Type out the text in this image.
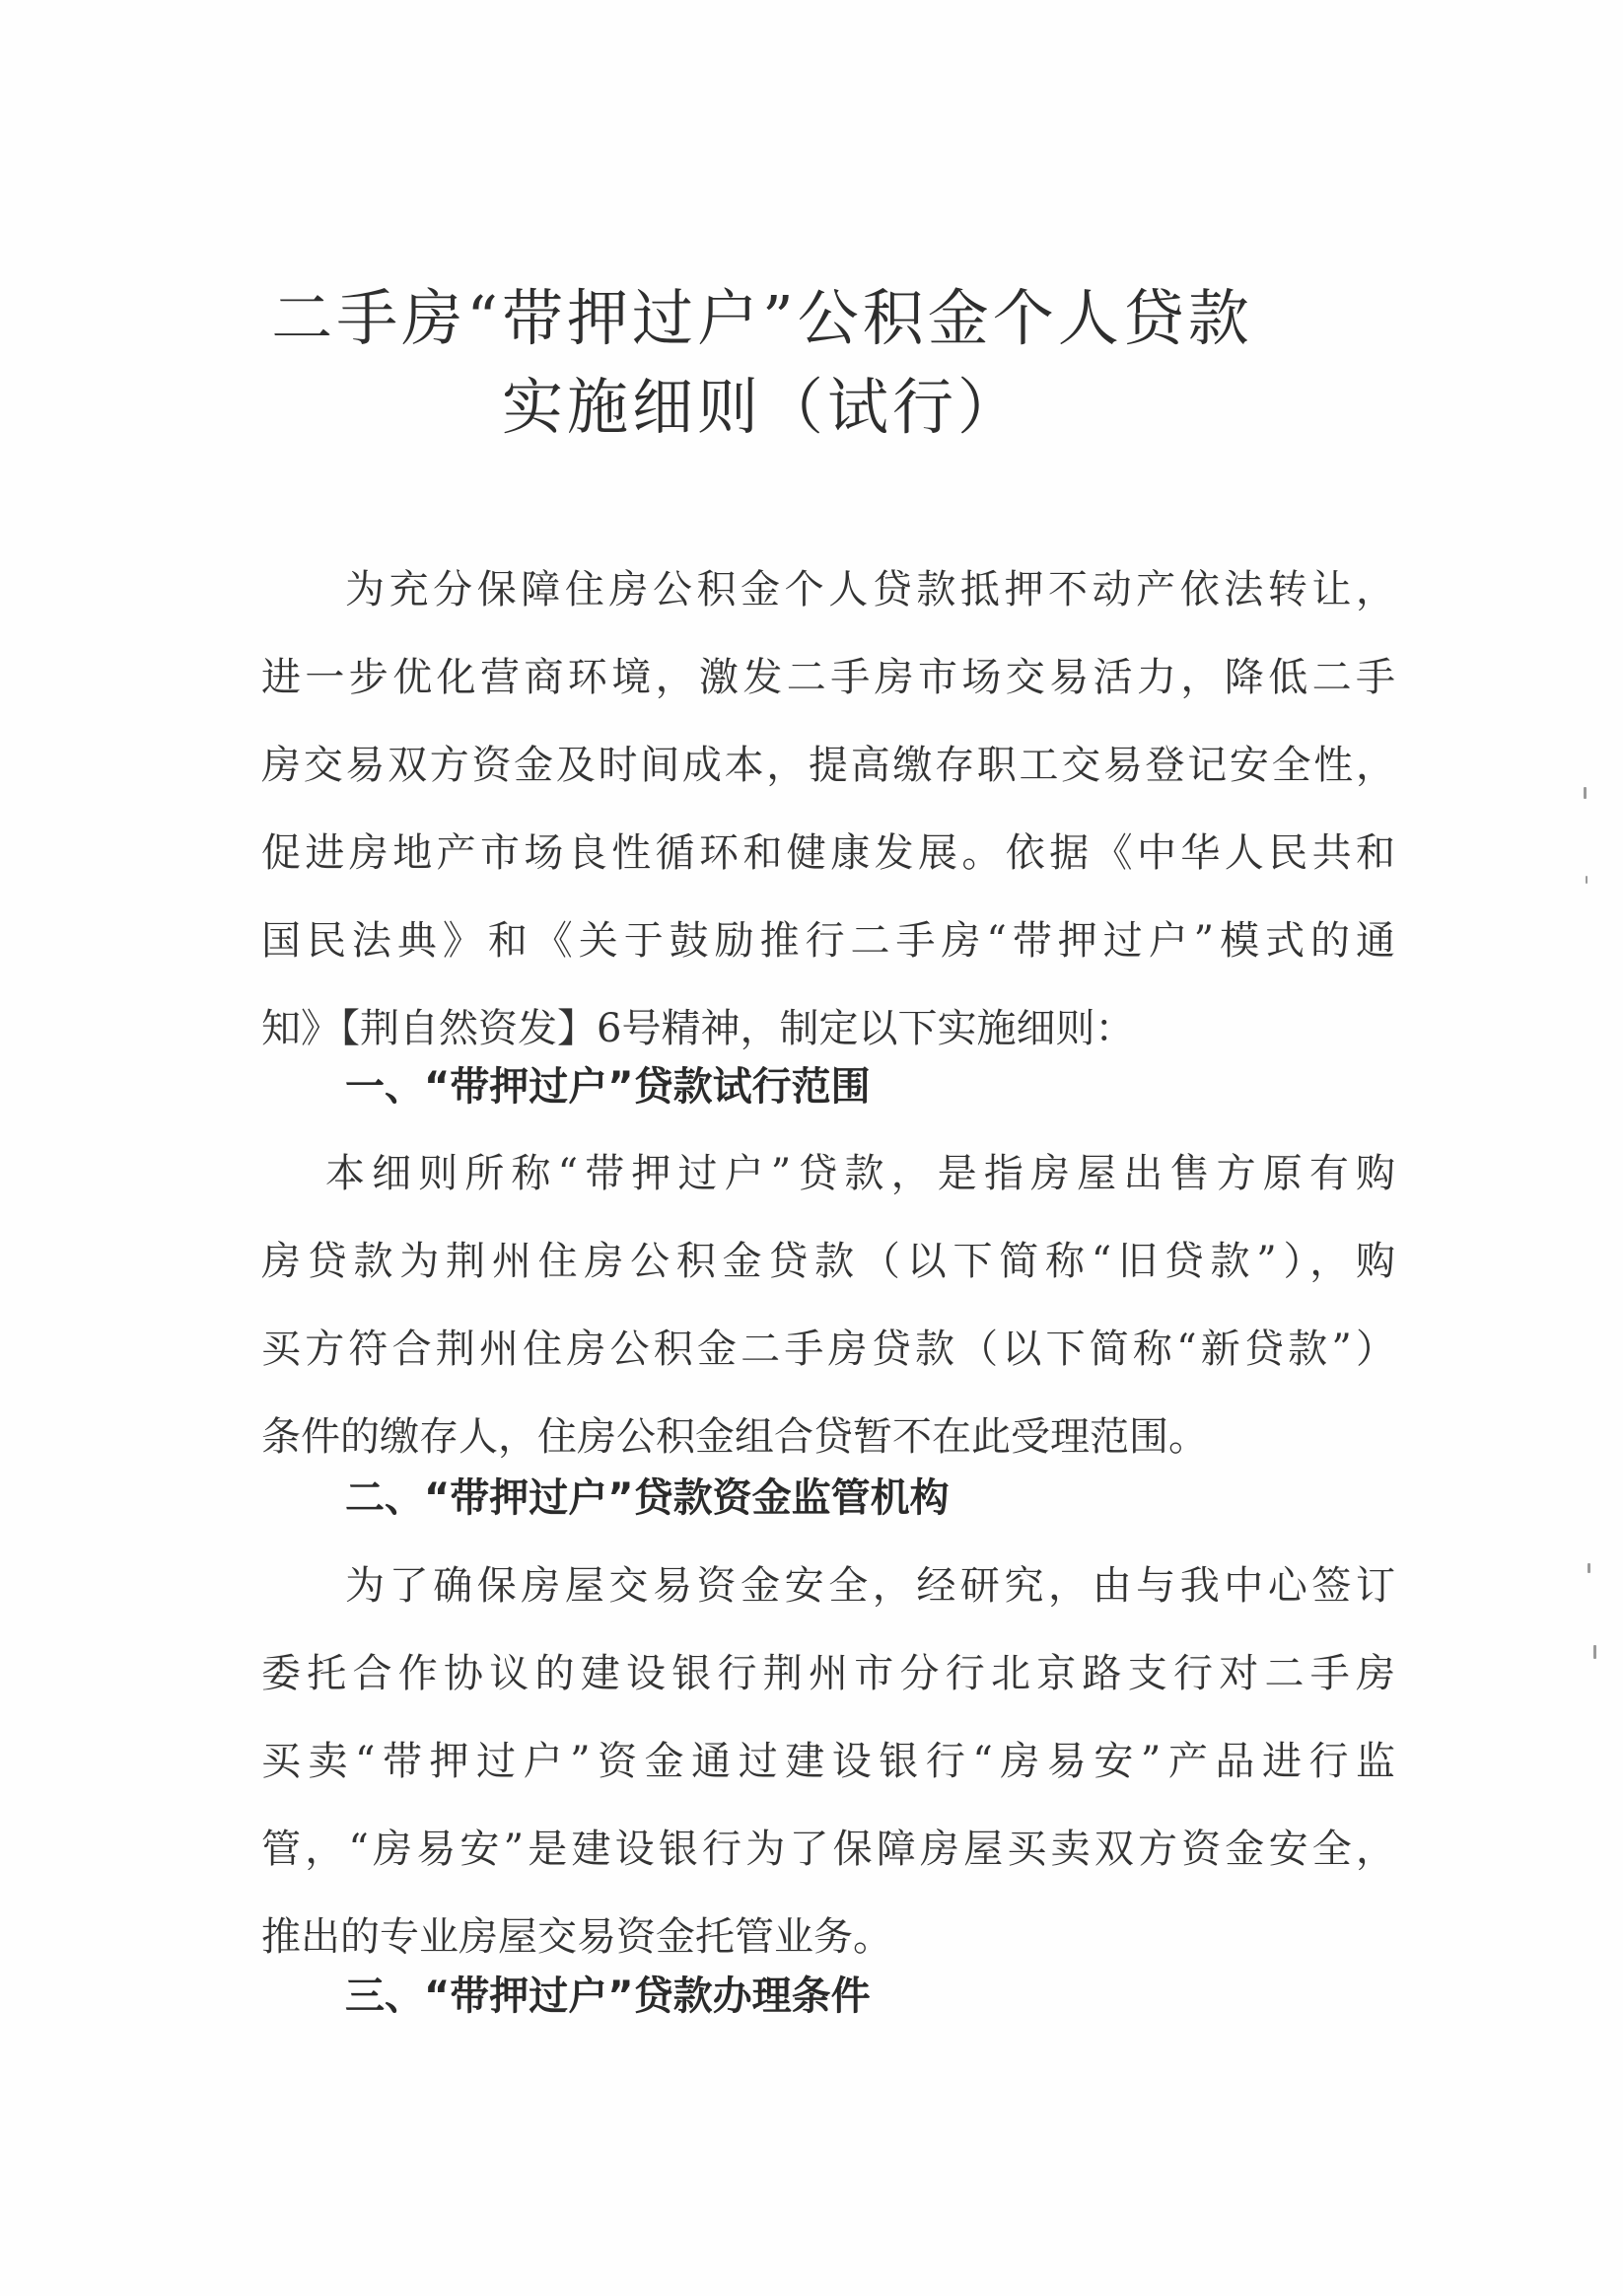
二手房“带押过户”公积金个人贷款
实施细则（试行）
为充分保障住房公积金个人贷款抵押不动产依法转让，
进一步优化营商环境，激发二手房市场交易活力，降低二手
房交易双方资金及时间成本，提高缴存职工交易登记安全性，
促进房地产市场良性循环和健康发展。依据《中华人民共和
国民法典》和《关于鼓励推行二手房“带押过户”模式的通
知》【荆自然资发】6号精神，制定以下实施细则：
一、“带押过户”贷款试行范围
本细则所称“带押过户”贷款，是指房屋出售方原有购
房贷款为荆州住房公积金贷款（以下简称“旧贷款”），购
买方符合荆州住房公积金二手房贷款（以下简称“新贷款”）
条件的缴存人，住房公积金组合贷暂不在此受理范围。
二、“带押过户”贷款资金监管机构
为了确保房屋交易资金安全，经研究，由与我中心签订
委托合作协议的建设银行荆州市分行北京路支行对二手房
买卖“带押过户”资金通过建设银行“房易安”产品进行监
管，“房易安”是建设银行为了保障房屋买卖双方资金安全，
推出的专业房屋交易资金托管业务。
三、“带押过户”贷款办理条件
